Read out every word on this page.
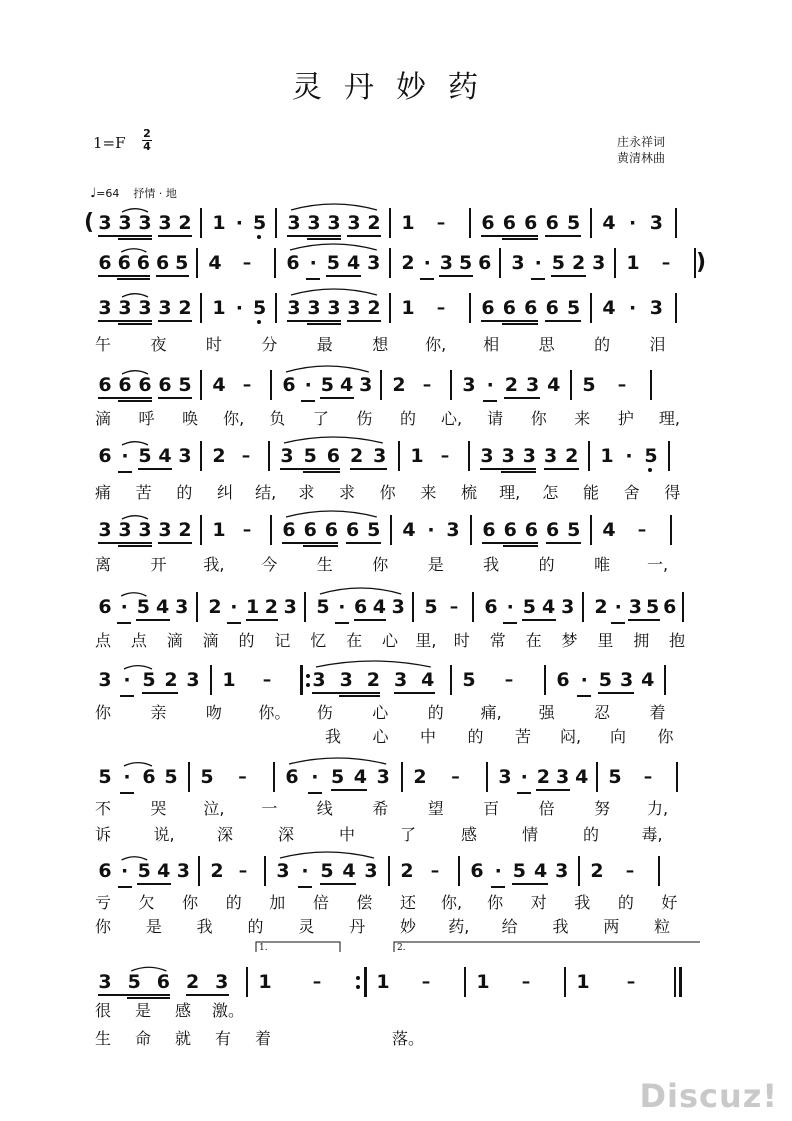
灵丹妙药
1=F
2
4	庄永祥词
黄清林曲
♩=64 抒情 · 地
3 3 3 3 2 1 · 5 3 3 3 3 2 1 – 6 6 6 6 5 4 · 3
(
6 6 6 6 5 4 – 6 · 5 4 3 2 · 3 5 6 3 · 5 2 3 1 – )
3 3 3 3 2 1 · 5 3 3 3 3 2 1 – 6 6 6 6 5 4 · 3
6 6 6 6 5 4 – 6 · 5 4 3 2 – 3 · 2 3 4 5 –
6 · 5 4 3 2 – 3 5 6 2 3 1 – 3 3 3 3 2 1 · 5
3 3 3 3 2 1 – 6 6 6 6 5 4 · 3 6 6 6 6 5 4 –
6 · 5 4 3 2 · 1 2 3 5 · 6 4 3 5 – 6 · 5 4 3 2 · 3 5 6
3 · 5 2 3 1 – 3 3 2 3 4 5 – 6 · 5 3 4
5 · 6 5 5 – 6 · 5 4 3 2 – 3 · 2 3 4 5 –
6 · 5 4 3 2 – 3 · 5 4 3 2 – 6 · 5 4 3 2 –
3 5 6 2 3 1 –	1 – 1 – 1 –
Discuz!
午 夜 时 分 最 想 你, 相 思 的 泪
滴 呼 唤 你, 负 了 伤 的 心, 请 你 来 护 理,
痛 苦 的 纠 结, 求 求 你 来 梳 理, 怎 能 舍 得
离 开 我, 今 生 你 是 我 的 唯 一,
点 点 滴 滴 的 记 忆 在 心 里, 时 常 在 梦 里 拥 抱
你 亲 吻 你。 伤 心 的 痛, 强 忍 着
我 心 中 的 苦 闷, 向 你
不 哭 泣, 一 线 希 望 百 倍 努 力,
诉	说,	深	深	中	了	感	情	的	毒,
亏 欠 你 的 加 倍 偿 还 你, 你 对 我 的 好
你 是 我 的 灵 丹 妙 药, 给 我 两 粒
很 是 感 激。
生 命 就 有 着	落。
1.	2.
